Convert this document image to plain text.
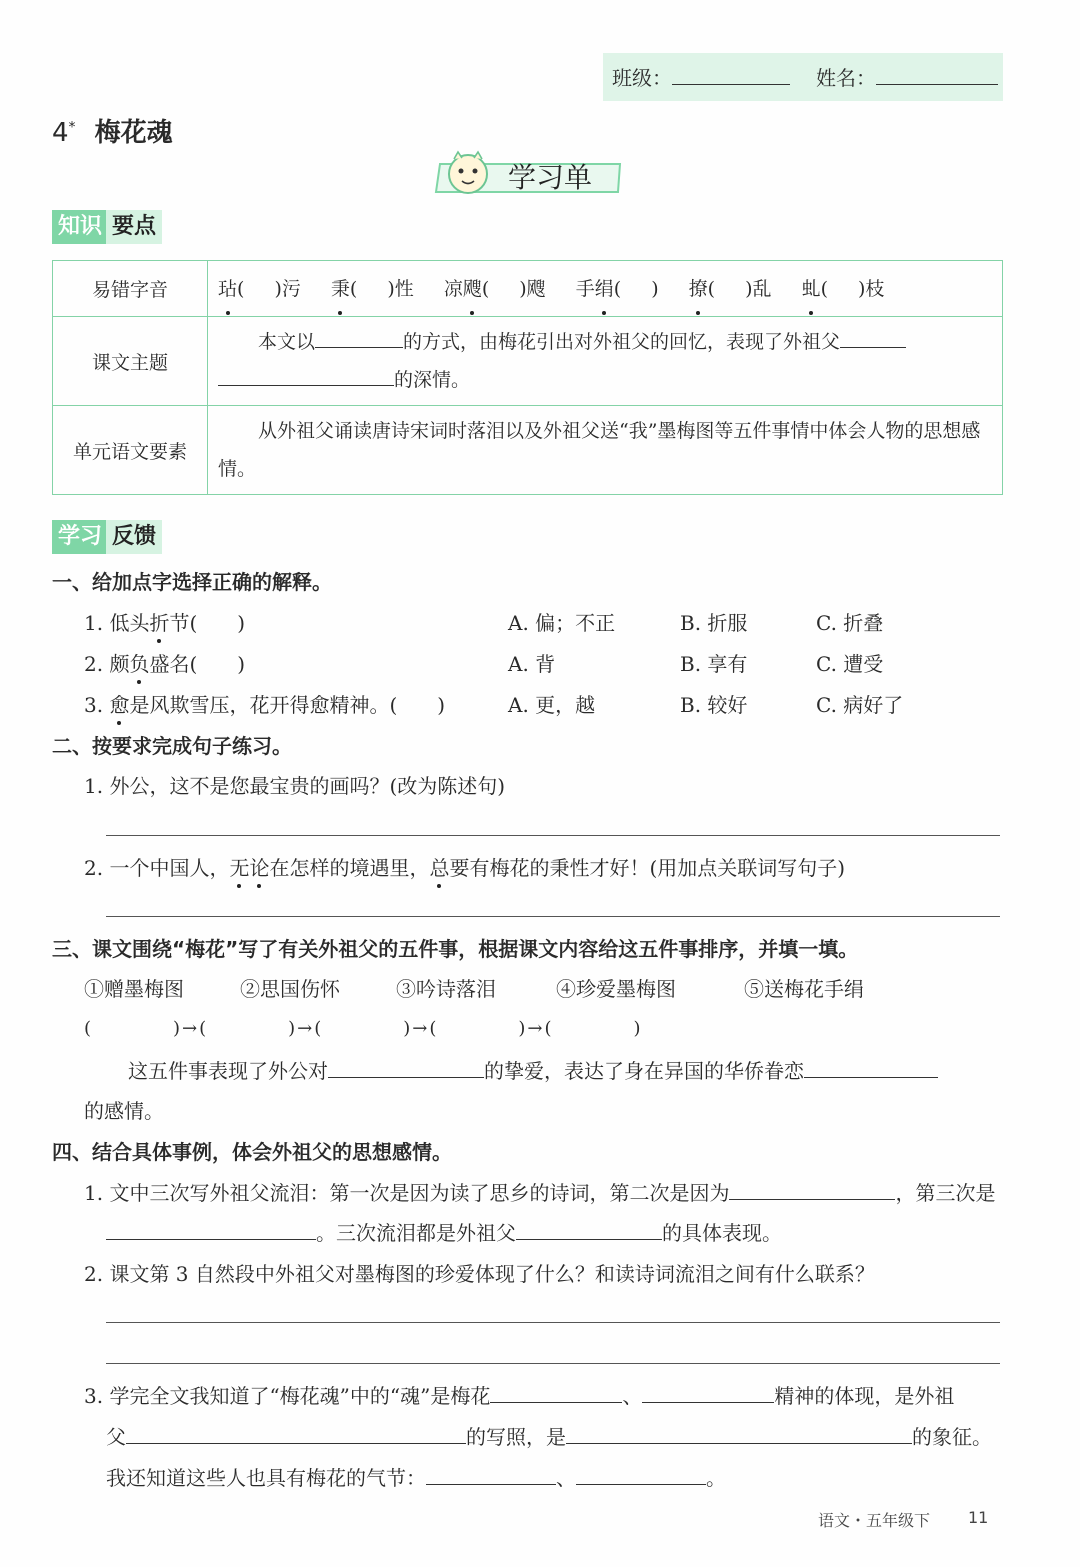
班级：	姓名：
4* 梅花魂
学习单
知识 要点
易错字音	玷( )污 秉( )性 凉飕( )飕 手绢( ) 撩( )乱 虬( )枝
课文主题	本文以 的方式，由梅花引出对外祖父的回忆，表现了外祖父
的深情。
单元语文要素	从外祖父诵读唐诗宋词时落泪以及外祖父送“我”墨梅图等五件事情中体会人物的思想感情。
学习 反馈
一、给加点字选择正确的解释。
1. 低头折节(　　)	A. 偏；不正	B. 折服	C. 折叠
2. 颇负盛名(　　)	A. 背	B. 享有	C. 遭受
3. 愈是风欺雪压，花开得愈精神。(　　)	A. 更，越	B. 较好	C. 病好了
二、按要求完成句子练习。
1. 外公，这不是您最宝贵的画吗？(改为陈述句)
2. 一个中国人，无论在怎样的境遇里，总要有梅花的秉性才好！(用加点关联词写句子)
三、课文围绕“梅花”写了有关外祖父的五件事，根据课文内容给这五件事排序，并填一填。
①赠墨梅图	②思国伤怀	③吟诗落泪	④珍爱墨梅图	⑤送梅花手绢
(　　　　)→(　　　　)→(　　　　)→(　　　　)→(　　　　)
这五件事表现了外公对	的挚爱，表达了身在异国的华侨眷恋
的感情。
四、结合具体事例，体会外祖父的思想感情。
1. 文中三次写外祖父流泪：第一次是因为读了思乡的诗词，第二次是因为	，第三次是
。三次流泪都是外祖父	的具体表现。
2. 课文第 3 自然段中外祖父对墨梅图的珍爱体现了什么？和读诗词流泪之间有什么联系？
3. 学完全文我知道了“梅花魂”中的“魂”是梅花	、	精神的体现，是外祖
父	的写照，是	的象征。
我还知道这些人也具有梅花的气节：	、	。
语文・五年级下 11
